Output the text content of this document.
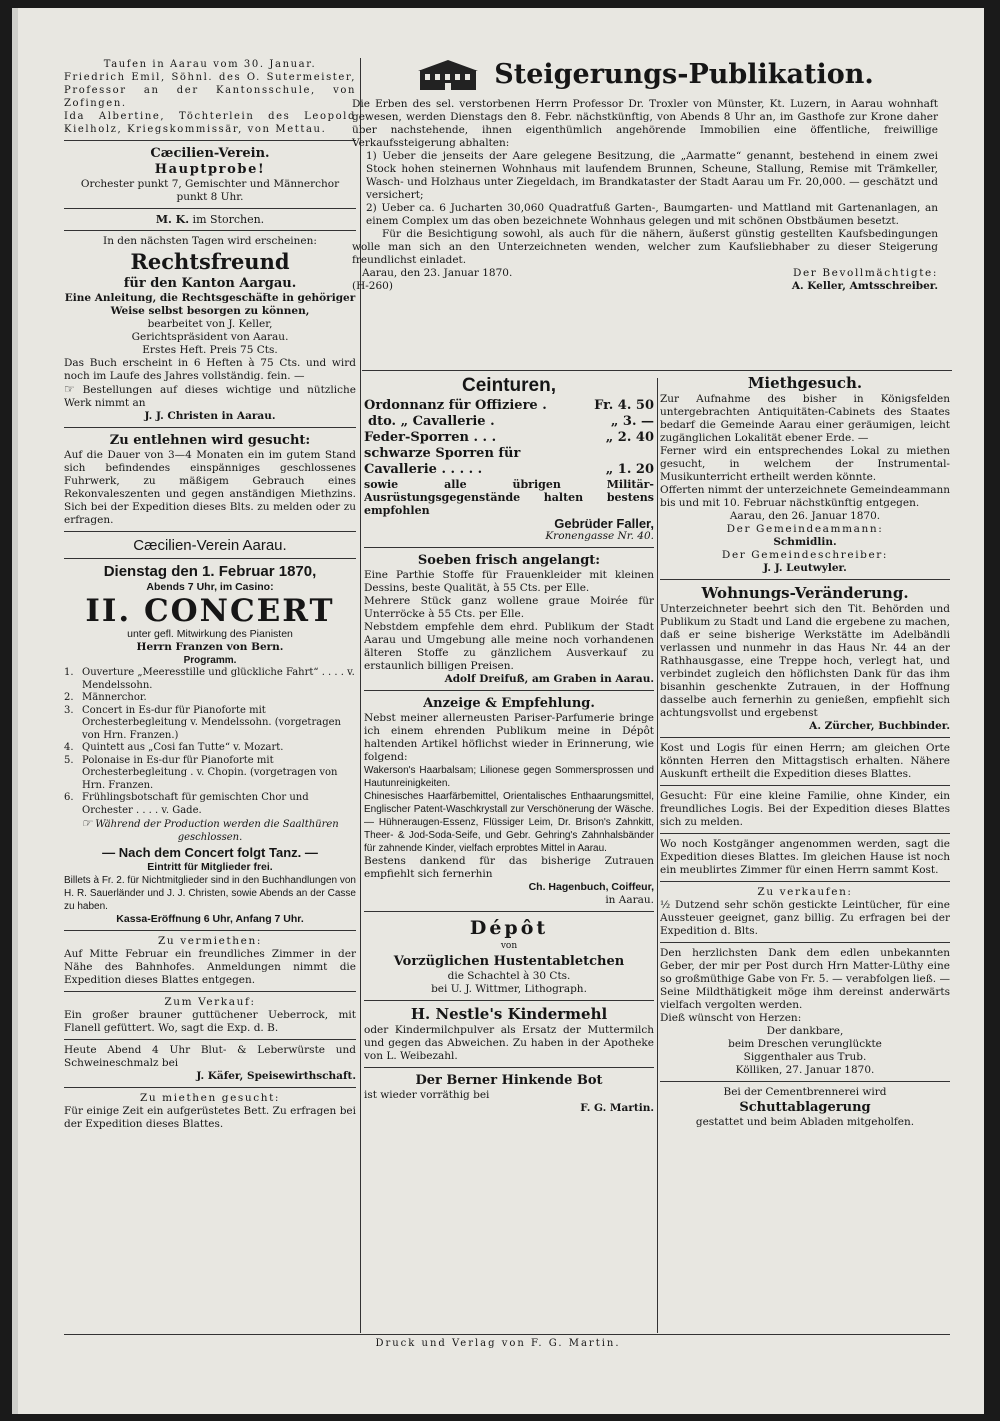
Taufen in Aarau vom 30. Januar.

Friedrich Emil, Söhnl. des O. Sutermeister, Professor an der Kantonsschule, von Zofingen.

Ida Albertine, Töchterlein des Leopold Kielholz, Kriegskommissär, von Mettau.

Cæcilien-Verein.

Hauptprobe!

Orchester punkt 7, Gemischter und Männerchor punkt 8 Uhr.

M. K. im Storchen.

In den nächsten Tagen wird erscheinen:

Rechtsfreund

für den Kanton Aargau.

Eine Anleitung, die Rechtsgeschäfte in gehöriger Weise selbst besorgen zu können,

bearbeitet von J. Keller,

Gerichtspräsident von Aarau.

Erstes Heft. Preis 75 Cts.

Das Buch erscheint in 6 Heften à 75 Cts. und wird noch im Laufe des Jahres vollständig. fein. —

☞ Bestellungen auf dieses wichtige und nützliche Werk nimmt an

J. J. Christen in Aarau.

Zu entlehnen wird gesucht:

Auf die Dauer von 3—4 Monaten ein im gutem Stand sich befindendes einspänniges geschlossenes Fuhrwerk, zu mäßigem Gebrauch eines Rekonvaleszenten und gegen anständigen Miethzins. Sich bei der Expedition dieses Blts. zu melden oder zu erfragen.

Cæcilien-Verein Aarau.

Dienstag den 1. Februar 1870,

Abends 7 Uhr, im Casino:

II. CONCERT

unter gefl. Mitwirkung des Pianisten

Herrn Franzen von Bern.

Programm.

1. Ouverture „Meeresstille und glückliche Fahrt“ . . . . v. Mendelssohn.
2. Männerchor.
3. Concert in Es-dur für Pianoforte mit Orchesterbegleitung v. Mendelssohn. (vorgetragen von Hrn. Franzen.)
4. Quintett aus „Cosi fan Tutte“ v. Mozart.
5. Polonaise in Es-dur für Pianoforte mit Orchesterbegleitung . v. Chopin. (vorgetragen von Hrn. Franzen.
6. Frühlingsbotschaft für gemischten Chor und Orchester . . . . v. Gade.

☞ Während der Production werden die Saalthüren geschlossen.

— Nach dem Concert folgt Tanz. —

Eintritt für Mitglieder frei.

Billets à Fr. 2. für Nichtmitglieder sind in den Buchhandlungen von H. R. Sauerländer und J. J. Christen, sowie Abends an der Casse zu haben.

Kassa-Eröffnung 6 Uhr, Anfang 7 Uhr.

Zu vermiethen:

Auf Mitte Februar ein freundliches Zimmer in der Nähe des Bahnhofes. Anmeldungen nimmt die Expedition dieses Blattes entgegen.

Zum Verkauf:

Ein großer brauner guttüchener Ueberrock, mit Flanell gefüttert. Wo, sagt die Exp. d. B.

Heute Abend 4 Uhr Blut- & Leberwürste und Schweineschmalz bei

J. Käfer, Speisewirthschaft.

Zu miethen gesucht:

Für einige Zeit ein aufgerüstetes Bett. Zu erfragen bei der Expedition dieses Blattes.

Steigerungs-Publikation.

Die Erben des sel. verstorbenen Herrn Professor Dr. Troxler von Münster, Kt. Luzern, in Aarau wohnhaft gewesen, werden Dienstags den 8. Febr. nächstkünftig, von Abends 8 Uhr an, im Gasthofe zur Krone daher über nachstehende, ihnen eigenthümlich angehörende Immobilien eine öffentliche, freiwillige Verkaufssteigerung abhalten:

1) Ueber die jenseits der Aare gelegene Besitzung, die „Aarmatte“ genannt, bestehend in einem zwei Stock hohen steinernen Wohnhaus mit laufendem Brunnen, Scheune, Stallung, Remise mit Trämkeller, Wasch- und Holzhaus unter Ziegeldach, im Brandkataster der Stadt Aarau um Fr. 20,000. — geschätzt und versichert;

2) Ueber ca. 6 Jucharten 30,060 Quadratfuß Garten-, Baumgarten- und Mattland mit Gartenanlagen, an einem Complex um das oben bezeichnete Wohnhaus gelegen und mit schönen Obstbäumen besetzt.

Für die Besichtigung sowohl, als auch für die nähern, äußerst günstig gestellten Kaufsbedingungen wolle man sich an den Unterzeichneten wenden, welcher zum Kaufsliebhaber zu dieser Steigerung freundlichst einladet.

Aarau, den 23. Januar 1870.	Der Bevollmächtigte:
(H-260)	A. Keller, Amtsschreiber.

Ceinturen,

Ordonnanz für Offiziere .	Fr. 4. 50
dto. „ Cavallerie .	„ 3. —
Feder-Sporren . . .	„ 2. 40
schwarze Sporren für Cavallerie . . . . .	„ 1. 20

sowie alle übrigen Militär-Ausrüstungsgegenstände halten bestens empfohlen

Gebrüder Faller,

Kronengasse Nr. 40.

Soeben frisch angelangt:

Eine Parthie Stoffe für Frauenkleider mit kleinen Dessins, beste Qualität, à 55 Cts. per Elle.

Mehrere Stück ganz wollene graue Moirée für Unterröcke à 55 Cts. per Elle.

Nebstdem empfehle dem ehrd. Publikum der Stadt Aarau und Umgebung alle meine noch vorhandenen älteren Stoffe zu gänzlichem Ausverkauf zu erstaunlich billigen Preisen.

Adolf Dreifuß, am Graben in Aarau.

Anzeige & Empfehlung.

Nebst meiner allerneusten Pariser-Parfumerie bringe ich einem ehrenden Publikum meine in Dépôt haltenden Artikel höflichst wieder in Erinnerung, wie folgend:

Wakerson's Haarbalsam; Lilionese gegen Sommersprossen und Hautunreinigkeiten.

Chinesisches Haarfärbemittel, Orientalisches Enthaarungsmittel, Englischer Patent-Waschkrystall zur Verschönerung der Wäsche. — Hühneraugen-Essenz, Flüssiger Leim, Dr. Brison's Zahnkitt, Theer- & Jod-Soda-Seife, und Gebr. Gehring's Zahnhalsbänder für zahnende Kinder, vielfach erprobtes Mittel in Aarau.

Bestens dankend für das bisherige Zutrauen empfiehlt sich fernerhin

Ch. Hagenbuch, Coiffeur,

in Aarau.

Dépôt

von

Vorzüglichen Hustentabletchen

die Schachtel à 30 Cts.

bei U. J. Wittmer, Lithograph.

H. Nestle's Kindermehl

oder Kindermilchpulver als Ersatz der Muttermilch und gegen das Abweichen. Zu haben in der Apotheke von L. Weibezahl.

Der Berner Hinkende Bot

ist wieder vorräthig bei

F. G. Martin.

Miethgesuch.

Zur Aufnahme des bisher in Königsfelden untergebrachten Antiquitäten-Cabinets des Staates bedarf die Gemeinde Aarau einer geräumigen, leicht zugänglichen Lokalität ebener Erde. —

Ferner wird ein entsprechendes Lokal zu miethen gesucht, in welchem der Instrumental-Musikunterricht ertheilt werden könnte.

Offerten nimmt der unterzeichnete Gemeindeammann bis und mit 10. Februar nächstkünftig entgegen.

Aarau, den 26. Januar 1870.

Der Gemeindeammann:

Schmidlin.

Der Gemeindeschreiber:

J. J. Leutwyler.

Wohnungs-Veränderung.

Unterzeichneter beehrt sich den Tit. Behörden und Publikum zu Stadt und Land die ergebene zu machen, daß er seine bisherige Werkstätte im Adelbändli verlassen und nunmehr in das Haus Nr. 44 an der Rathhausgasse, eine Treppe hoch, verlegt hat, und verbindet zugleich den höflichsten Dank für das ihm bisanhin geschenkte Zutrauen, in der Hoffnung dasselbe auch fernerhin zu genießen, empfiehlt sich achtungsvollst und ergebenst

A. Zürcher, Buchbinder.

Kost und Logis für einen Herrn; am gleichen Orte könnten Herren den Mittagstisch erhalten. Nähere Auskunft ertheilt die Expedition dieses Blattes.

Gesucht: Für eine kleine Familie, ohne Kinder, ein freundliches Logis. Bei der Expedition dieses Blattes sich zu melden.

Wo noch Kostgänger angenommen werden, sagt die Expedition dieses Blattes. Im gleichen Hause ist noch ein meublirtes Zimmer für einen Herrn sammt Kost.

Zu verkaufen:

½ Dutzend sehr schön gestickte Leintücher, für eine Aussteuer geeignet, ganz billig. Zu erfragen bei der Expedition d. Blts.

Den herzlichsten Dank dem edlen unbekannten Geber, der mir per Post durch Hrn Matter-Lüthy eine so großmüthige Gabe von Fr. 5. — verabfolgen ließ. — Seine Mildthätigkeit möge ihm dereinst anderwärts vielfach vergolten werden.

Dieß wünscht von Herzen:

Der dankbare,

beim Dreschen verunglückte

Siggenthaler aus Trub.

Kölliken, 27. Januar 1870.

Bei der Cementbrennerei wird

Schuttablagerung

gestattet und beim Abladen mitgeholfen.

Druck und Verlag von F. G. Martin.
